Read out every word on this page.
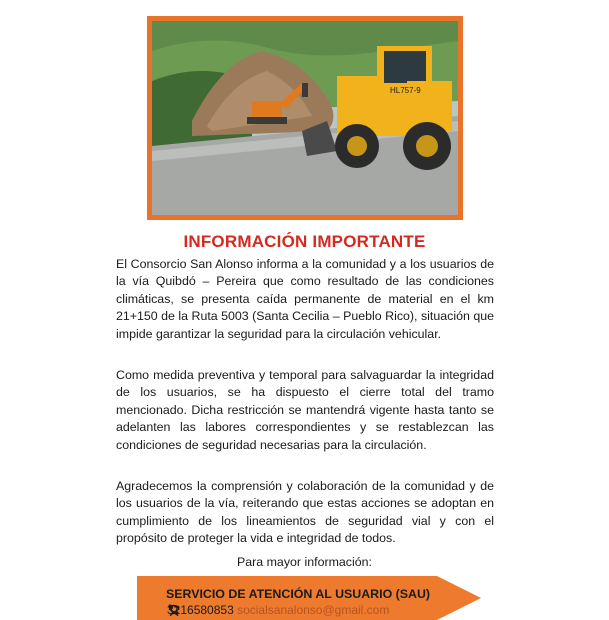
HL757-9
INFORMACIÓN IMPORTANTE

El Consorcio San Alonso informa a la comunidad y a los usuarios de la vía Quibdó – Pereira que como resultado de las condiciones climáticas, se presenta caída permanente de material en el km 21+150 de la Ruta 5003 (Santa Cecilia – Pueblo Rico), situación que impide garantizar la seguridad para la circulación vehicular.

Como medida preventiva y temporal para salvaguardar la integridad de los usuarios, se ha dispuesto el cierre total del tramo mencionado. Dicha restricción se mantendrá vigente hasta tanto se adelanten las labores correspondientes y se restablezcan las condiciones de seguridad necesarias para la circulación.

Agradecemos la comprensión y colaboración de la comunidad y de los usuarios de la vía, reiterando que estas acciones se adoptan en cumplimiento de los lineamientos de seguridad vial y con el propósito de proteger la vida e integridad de todos.

Para mayor información:
SERVICIO DE ATENCIÓN AL USUARIO (SAU)
3216580853 socialsanalonso@gmail.com
